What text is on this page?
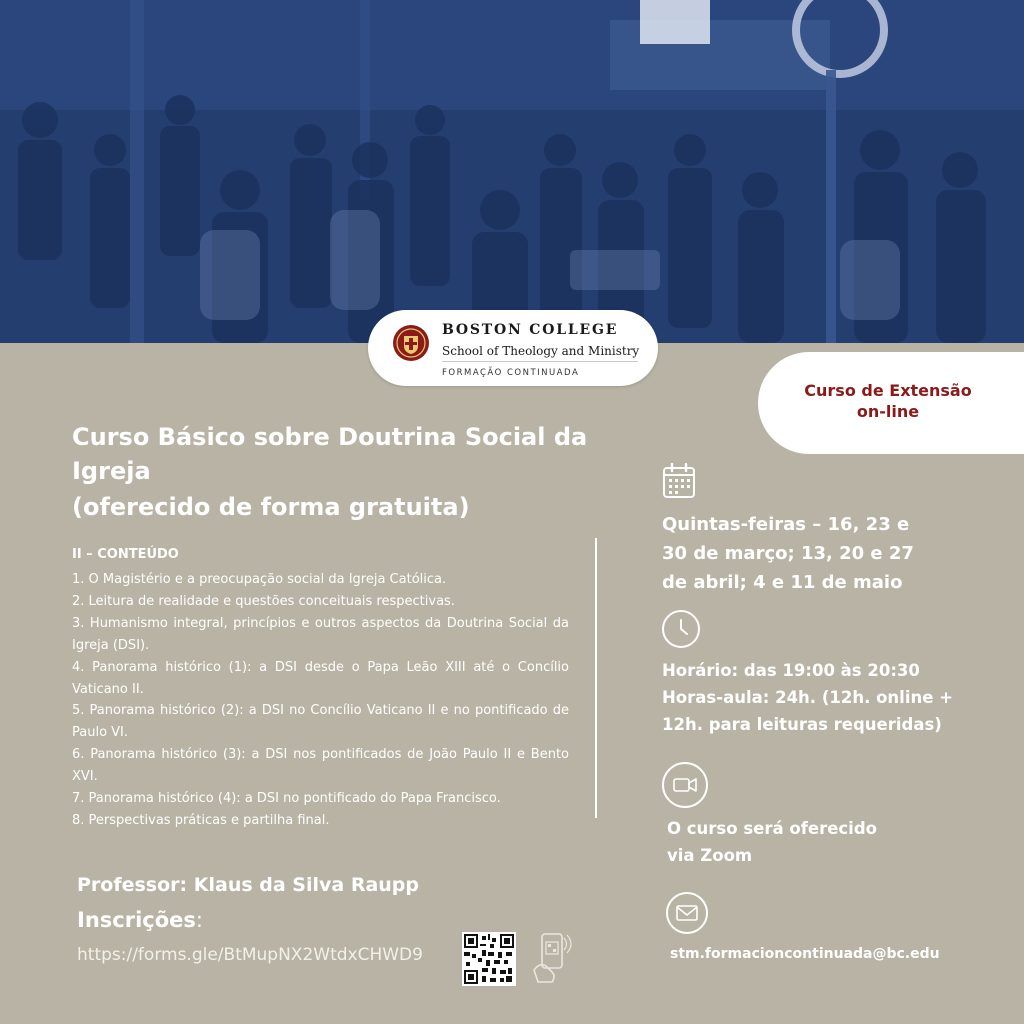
BOSTON COLLEGE
School of Theology and Ministry
FORMAÇÃO CONTINUADA
Curso de Extensão
on-line
Curso Básico sobre Doutrina Social da Igreja
(oferecido de forma gratuita)
II – CONTEÚDO
1. O Magistério e a preocupação social da Igreja Católica.
2. Leitura de realidade e questões conceituais respectivas.
3. Humanismo integral, princípios e outros aspectos da Doutrina Social da Igreja (DSI).
4. Panorama histórico (1): a DSI desde o Papa Leão XIII até o Concílio Vaticano II.
5. Panorama histórico (2): a DSI no Concílio Vaticano II e no pontificado de Paulo VI.
6. Panorama histórico (3): a DSI nos pontificados de João Paulo II e Bento XVI.
7. Panorama histórico (4): a DSI no pontificado do Papa Francisco.
8. Perspectivas práticas e partilha final.
Professor: Klaus da Silva Raupp
Inscrições:
https://forms.gle/BtMupNX2WtdxCHWD9
Quintas-feiras – 16, 23 e
30 de março; 13, 20 e 27
de abril; 4 e 11 de maio
Horário: das 19:00 às 20:30
Horas-aula: 24h. (12h. online +
12h. para leituras requeridas)
O curso será oferecido
via Zoom
stm.formacioncontinuada@bc.edu
